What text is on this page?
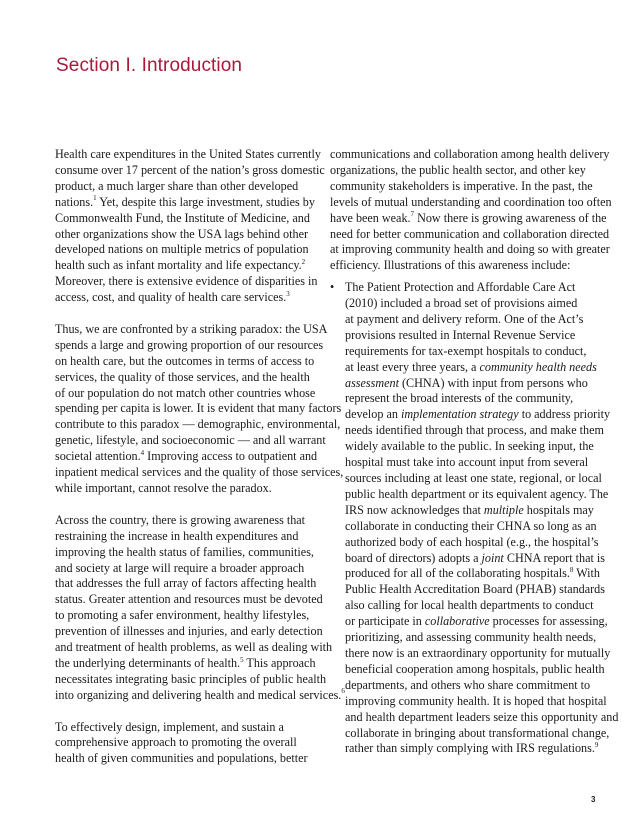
Section I. Introduction

Health care expenditures in the United States currently
consume over 17 percent of the nation’s gross domestic
product, a much larger share than other developed
nations.$^1$ Yet, despite this large investment, studies by
Commonwealth Fund, the Institute of Medicine, and
other organizations show the USA lags behind other
developed nations on multiple metrics of population
health such as infant mortality and life expectancy.$^2$
Moreover, there is extensive evidence of disparities in
access, cost, and quality of health care services.$^3$

Thus, we are confronted by a striking paradox: the USA
spends a large and growing proportion of our resources
on health care, but the outcomes in terms of access to
services, the quality of those services, and the health
of our population do not match other countries whose
spending per capita is lower. It is evident that many factors
contribute to this paradox — demographic, environmental,
genetic, lifestyle, and socioeconomic — and all warrant
societal attention.$^4$ Improving access to outpatient and
inpatient medical services and the quality of those services,
while important, cannot resolve the paradox.

Across the country, there is growing awareness that
restraining the increase in health expenditures and
improving the health status of families, communities,
and society at large will require a broader approach
that addresses the full array of factors affecting health
status. Greater attention and resources must be devoted
to promoting a safer environment, healthy lifestyles,
prevention of illnesses and injuries, and early detection
and treatment of health problems, as well as dealing with
the underlying determinants of health.$^5$ This approach
necessitates integrating basic principles of public health
into organizing and delivering health and medical services.$^6$

To effectively design, implement, and sustain a
comprehensive approach to promoting the overall
health of given communities and populations, better

communications and collaboration among health delivery
organizations, the public health sector, and other key
community stakeholders is imperative. In the past, the
levels of mutual understanding and coordination too often
have been weak.$^7$ Now there is growing awareness of the
need for better communication and collaboration directed
at improving community health and doing so with greater
efficiency. Illustrations of this awareness include:

• The Patient Protection and Affordable Care Act
(2010) included a broad set of provisions aimed
at payment and delivery reform. One of the Act’s
provisions resulted in Internal Revenue Service
requirements for tax-exempt hospitals to conduct,
at least every three years, a community health needs
assessment (CHNA) with input from persons who
represent the broad interests of the community,
develop an implementation strategy to address priority
needs identified through that process, and make them
widely available to the public. In seeking input, the
hospital must take into account input from several
sources including at least one state, regional, or local
public health department or its equivalent agency. The
IRS now acknowledges that multiple hospitals may
collaborate in conducting their CHNA so long as an
authorized body of each hospital (e.g., the hospital’s
board of directors) adopts a joint CHNA report that is
produced for all of the collaborating hospitals.$^8$ With
Public Health Accreditation Board (PHAB) standards
also calling for local health departments to conduct
or participate in collaborative processes for assessing,
prioritizing, and assessing community health needs,
there now is an extraordinary opportunity for mutually
beneficial cooperation among hospitals, public health
departments, and others who share commitment to
improving community health. It is hoped that hospital
and health department leaders seize this opportunity and
collaborate in bringing about transformational change,
rather than simply complying with IRS regulations.$^9$
3
